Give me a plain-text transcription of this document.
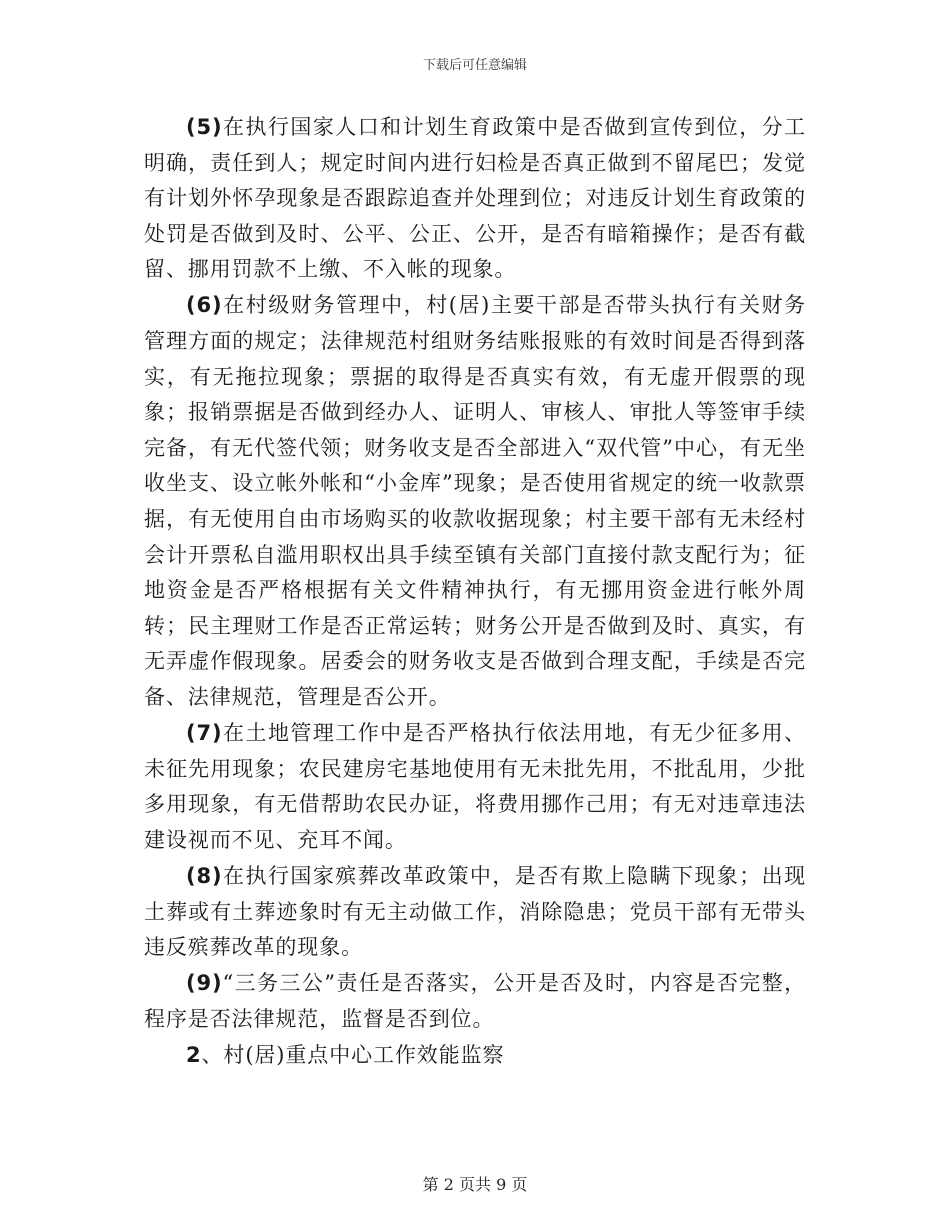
下载后可任意编辑

(5)在执行国家人口和计划生育政策中是否做到宣传到位，分工明确，责任到人；规定时间内进行妇检是否真正做到不留尾巴；发觉有计划外怀孕现象是否跟踪追查并处理到位；对违反计划生育政策的处罚是否做到及时、公平、公正、公开，是否有暗箱操作；是否有截留、挪用罚款不上缴、不入帐的现象。

(6)在村级财务管理中，村(居)主要干部是否带头执行有关财务管理方面的规定；法律规范村组财务结账报账的有效时间是否得到落实，有无拖拉现象；票据的取得是否真实有效，有无虚开假票的现象；报销票据是否做到经办人、证明人、审核人、审批人等签审手续完备，有无代签代领；财务收支是否全部进入“双代管”中心，有无坐收坐支、设立帐外帐和“小金库”现象；是否使用省规定的统一收款票据，有无使用自由市场购买的收款收据现象；村主要干部有无未经村会计开票私自滥用职权出具手续至镇有关部门直接付款支配行为；征地资金是否严格根据有关文件精神执行，有无挪用资金进行帐外周转；民主理财工作是否正常运转；财务公开是否做到及时、真实，有无弄虚作假现象。居委会的财务收支是否做到合理支配，手续是否完备、法律规范，管理是否公开。

(7)在土地管理工作中是否严格执行依法用地，有无少征多用、未征先用现象；农民建房宅基地使用有无未批先用，不批乱用，少批多用现象，有无借帮助农民办证，将费用挪作己用；有无对违章违法建设视而不见、充耳不闻。

(8)在执行国家殡葬改革政策中，是否有欺上隐瞒下现象；出现土葬或有土葬迹象时有无主动做工作，消除隐患；党员干部有无带头违反殡葬改革的现象。

(9)“三务三公”责任是否落实，公开是否及时，内容是否完整，程序是否法律规范，监督是否到位。

2、村(居)重点中心工作效能监察

第 2 页共 9 页
